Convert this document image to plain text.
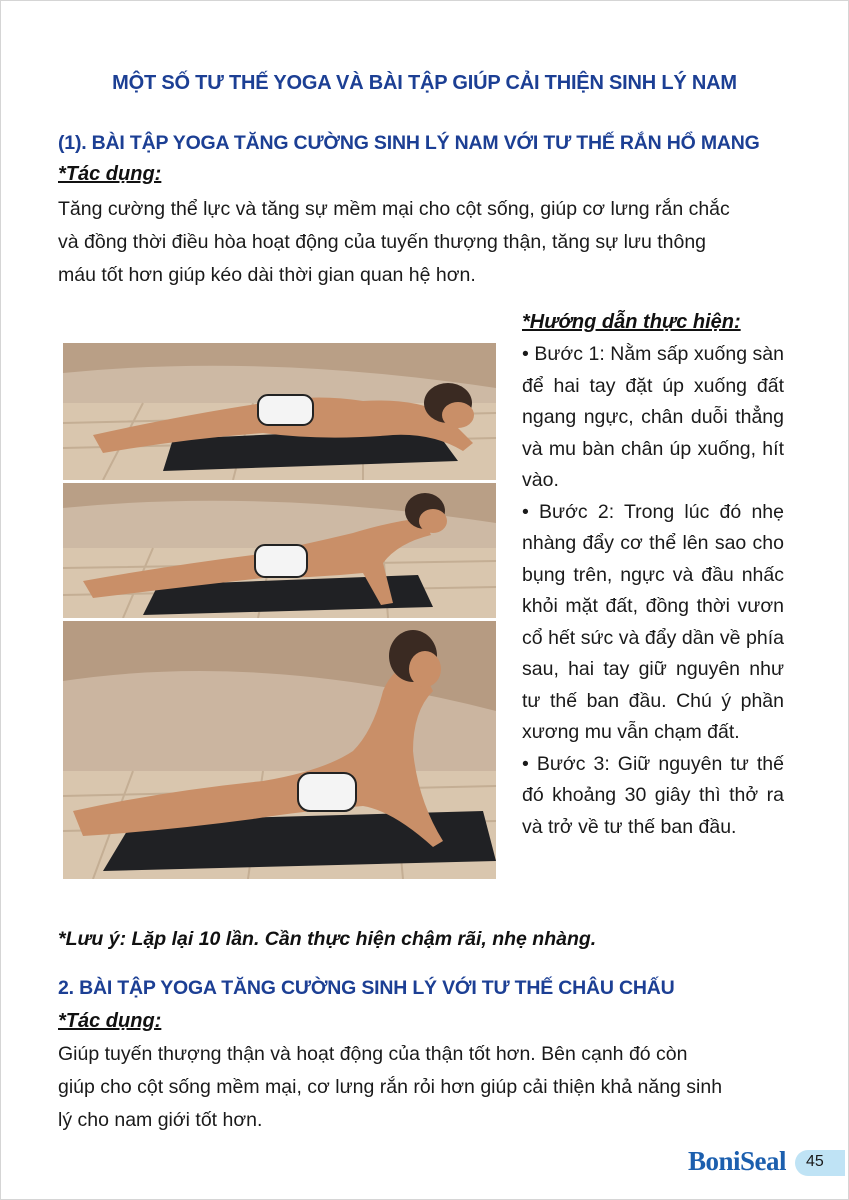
MỘT SỐ TƯ THẾ YOGA VÀ BÀI TẬP GIÚP CẢI THIỆN SINH LÝ NAM
(1). BÀI TẬP YOGA TĂNG CƯỜNG SINH LÝ NAM VỚI TƯ THẾ RẮN HỔ MANG
*Tác dụng:
Tăng cường thể lực và tăng sự mềm mại cho cột sống, giúp cơ lưng rắn chắc
và đồng thời điều hòa hoạt động của tuyến thượng thận, tăng sự lưu thông
máu tốt hơn giúp kéo dài thời gian quan hệ hơn.
*Hướng dẫn thực hiện:
• Bước 1: Nằm sấp xuống sàn để hai tay đặt úp xuống đất ngang ngực, chân duỗi thẳng và mu bàn chân úp xuống, hít vào.
• Bước 2: Trong lúc đó nhẹ nhàng đẩy cơ thể lên sao cho bụng trên, ngực và đầu nhấc khỏi mặt đất, đồng thời vươn cổ hết sức và đẩy dần về phía sau, hai tay giữ nguyên như tư thế ban đầu. Chú ý phần xương mu vẫn chạm đất.
• Bước 3: Giữ nguyên tư thế đó khoảng 30 giây thì thở ra và trở về tư thế ban đầu.
*Lưu ý: Lặp lại 10 lần. Cần thực hiện chậm rãi, nhẹ nhàng.
2. BÀI TẬP YOGA TĂNG CƯỜNG SINH LÝ VỚI TƯ THẾ CHÂU CHẤU
*Tác dụng:
Giúp tuyến thượng thận và hoạt động của thận tốt hơn. Bên cạnh đó còn
giúp cho cột sống mềm mại, cơ lưng rắn rỏi hơn giúp cải thiện khả năng sinh
lý cho nam giới tốt hơn.
BoniSeal 45
